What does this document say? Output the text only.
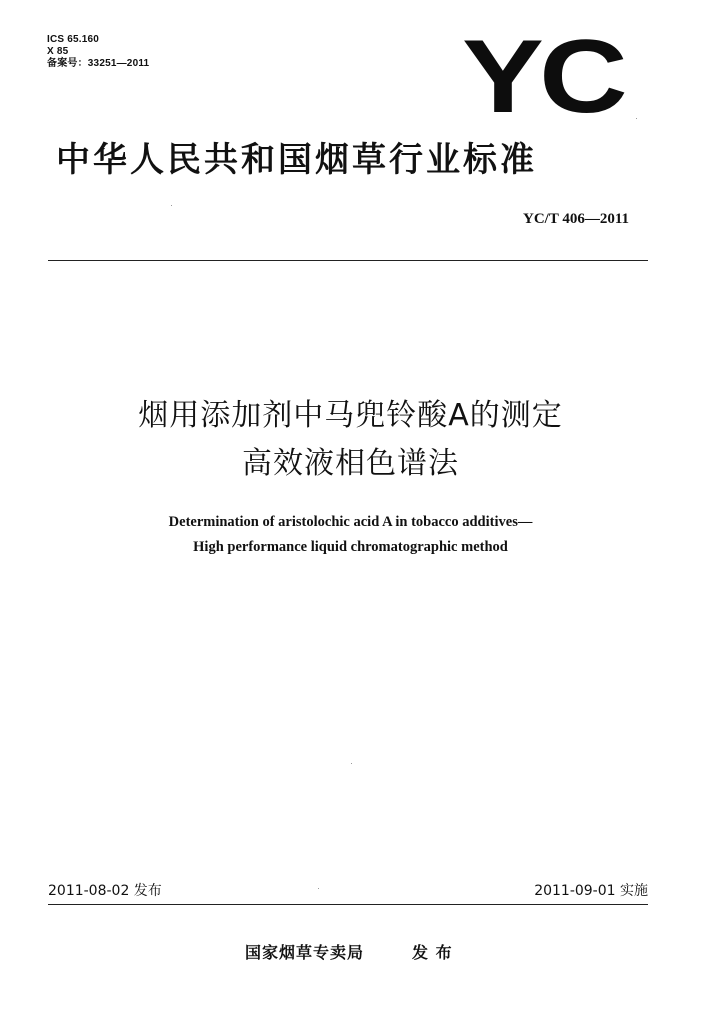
ICS 65.160
X 85
备案号：33251—2011	YC
中华人民共和国烟草行业标准
YC/T 406—2011
烟用添加剂中马兜铃酸A的测定
高效液相色谱法
Determination of aristolochic acid A in tobacco additives—
High performance liquid chromatographic method
2011-08-02 发布	2011-09-01 实施
国家烟草专卖局	发 布
